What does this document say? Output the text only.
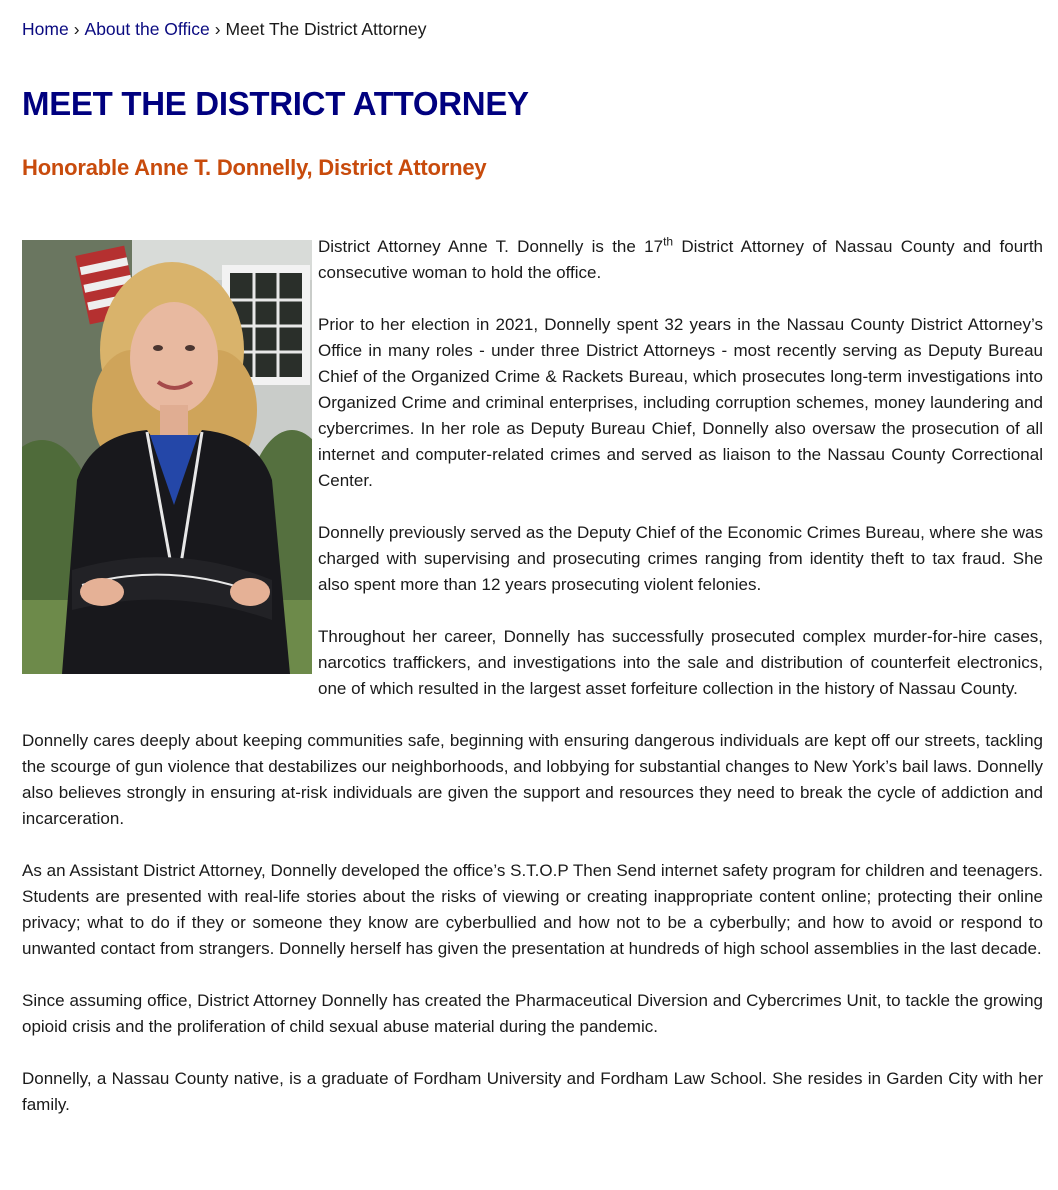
Home › About the Office › Meet The District Attorney
MEET THE DISTRICT ATTORNEY
Honorable Anne T. Donnelly, District Attorney

District Attorney Anne T. Donnelly is the 17th District Attorney of Nassau County and fourth consecutive woman to hold the office.

Prior to her election in 2021, Donnelly spent 32 years in the Nassau County District Attorney’s Office in many roles - under three District Attorneys - most recently serving as Deputy Bureau Chief of the Organized Crime & Rackets Bureau, which prosecutes long-term investigations into Organized Crime and criminal enterprises, including corruption schemes, money laundering and cybercrimes. In her role as Deputy Bureau Chief, Donnelly also oversaw the prosecution of all internet and computer-related crimes and served as liaison to the Nassau County Correctional Center.

Donnelly previously served as the Deputy Chief of the Economic Crimes Bureau, where she was charged with supervising and prosecuting crimes ranging from identity theft to tax fraud. She also spent more than 12 years prosecuting violent felonies.

Throughout her career, Donnelly has successfully prosecuted complex murder-for-hire cases, narcotics traffickers, and investigations into the sale and distribution of counterfeit electronics, one of which resulted in the largest asset forfeiture collection in the history of Nassau County.

Donnelly cares deeply about keeping communities safe, beginning with ensuring dangerous individuals are kept off our streets, tackling the scourge of gun violence that destabilizes our neighborhoods, and lobbying for substantial changes to New York’s bail laws. Donnelly also believes strongly in ensuring at-risk individuals are given the support and resources they need to break the cycle of addiction and incarceration.

As an Assistant District Attorney, Donnelly developed the office’s S.T.O.P Then Send internet safety program for children and teenagers. Students are presented with real-life stories about the risks of viewing or creating inappropriate content online; protecting their online privacy; what to do if they or someone they know are cyberbullied and how not to be a cyberbully; and how to avoid or respond to unwanted contact from strangers. Donnelly herself has given the presentation at hundreds of high school assemblies in the last decade.

Since assuming office, District Attorney Donnelly has created the Pharmaceutical Diversion and Cybercrimes Unit, to tackle the growing opioid crisis and the proliferation of child sexual abuse material during the pandemic.

Donnelly, a Nassau County native, is a graduate of Fordham University and Fordham Law School. She resides in Garden City with her family.
